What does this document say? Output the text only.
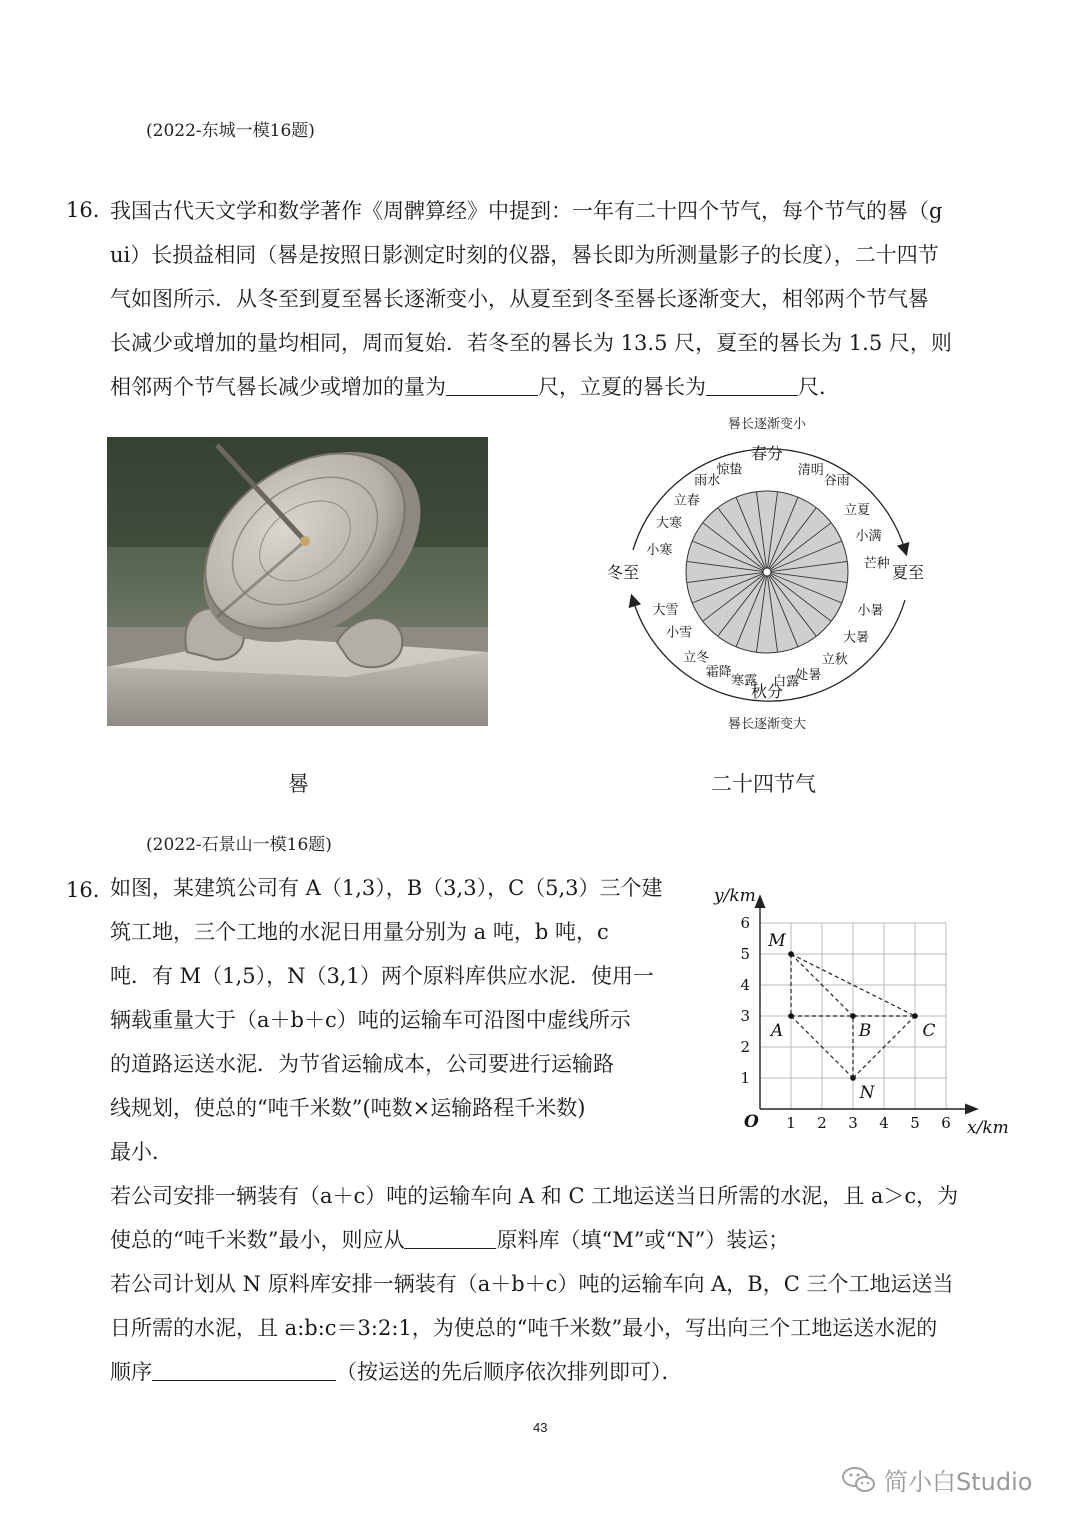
(2022-东城一模16题)
16. 我国古代天文学和数学著作《周髀算经》中提到：一年有二十四个节气，每个节气的晷（g
ui）长损益相同（晷是按照日影测定时刻的仪器，晷长即为所测量影子的长度），二十四节
气如图所示．从冬至到夏至晷长逐渐变小，从夏至到冬至晷长逐渐变大，相邻两个节气晷
长减少或增加的量均相同，周而复始．若冬至的晷长为 13.5 尺，夏至的晷长为 1.5 尺，则
相邻两个节气晷长减少或增加的量为	尺，立夏的晷长为	尺．
晷
晷长逐渐变小
晷长逐渐变大
冬至	夏至
春分
清明
谷雨
立夏
小满
芒种
小暑
大暑
立秋
处暑
白露
秋分
寒露
霜降
立冬
小雪
大雪
小寒
大寒
立春
雨水
惊蛰
二十四节气
(2022-石景山一模16题)
16. 如图，某建筑公司有 A（1,3），B（3,3），C（5,3）三个建
筑工地，三个工地的水泥日用量分别为 a 吨，b 吨，c
吨．有 M（1,5），N（3,1）两个原料库供应水泥．使用一
辆载重量大于（a＋b＋c）吨的运输车可沿图中虚线所示
的道路运送水泥．为节省运输成本，公司要进行运输路
线规划，使总的“吨千米数”(吨数×运输路程千米数)
最小．
若公司安排一辆装有（a＋c）吨的运输车向 A 和 C 工地运送当日所需的水泥，且 a＞c，为
使总的“吨千米数”最小，则应从	原料库（填“M”或“N”）装运；
若公司计划从 N 原料库安排一辆装有（a＋b＋c）吨的运输车向 A，B，C 三个工地运送当
日所需的水泥，且 a:b:c＝3:2:1，为使总的“吨千米数”最小，写出向三个工地运送水泥的
顺序	（按运送的先后顺序依次排列即可）．
1 2 3 4 5 6
1
2
3
4
5
6
M
A	B	C
N
y/km
x/km
O
43
简小白Studio
